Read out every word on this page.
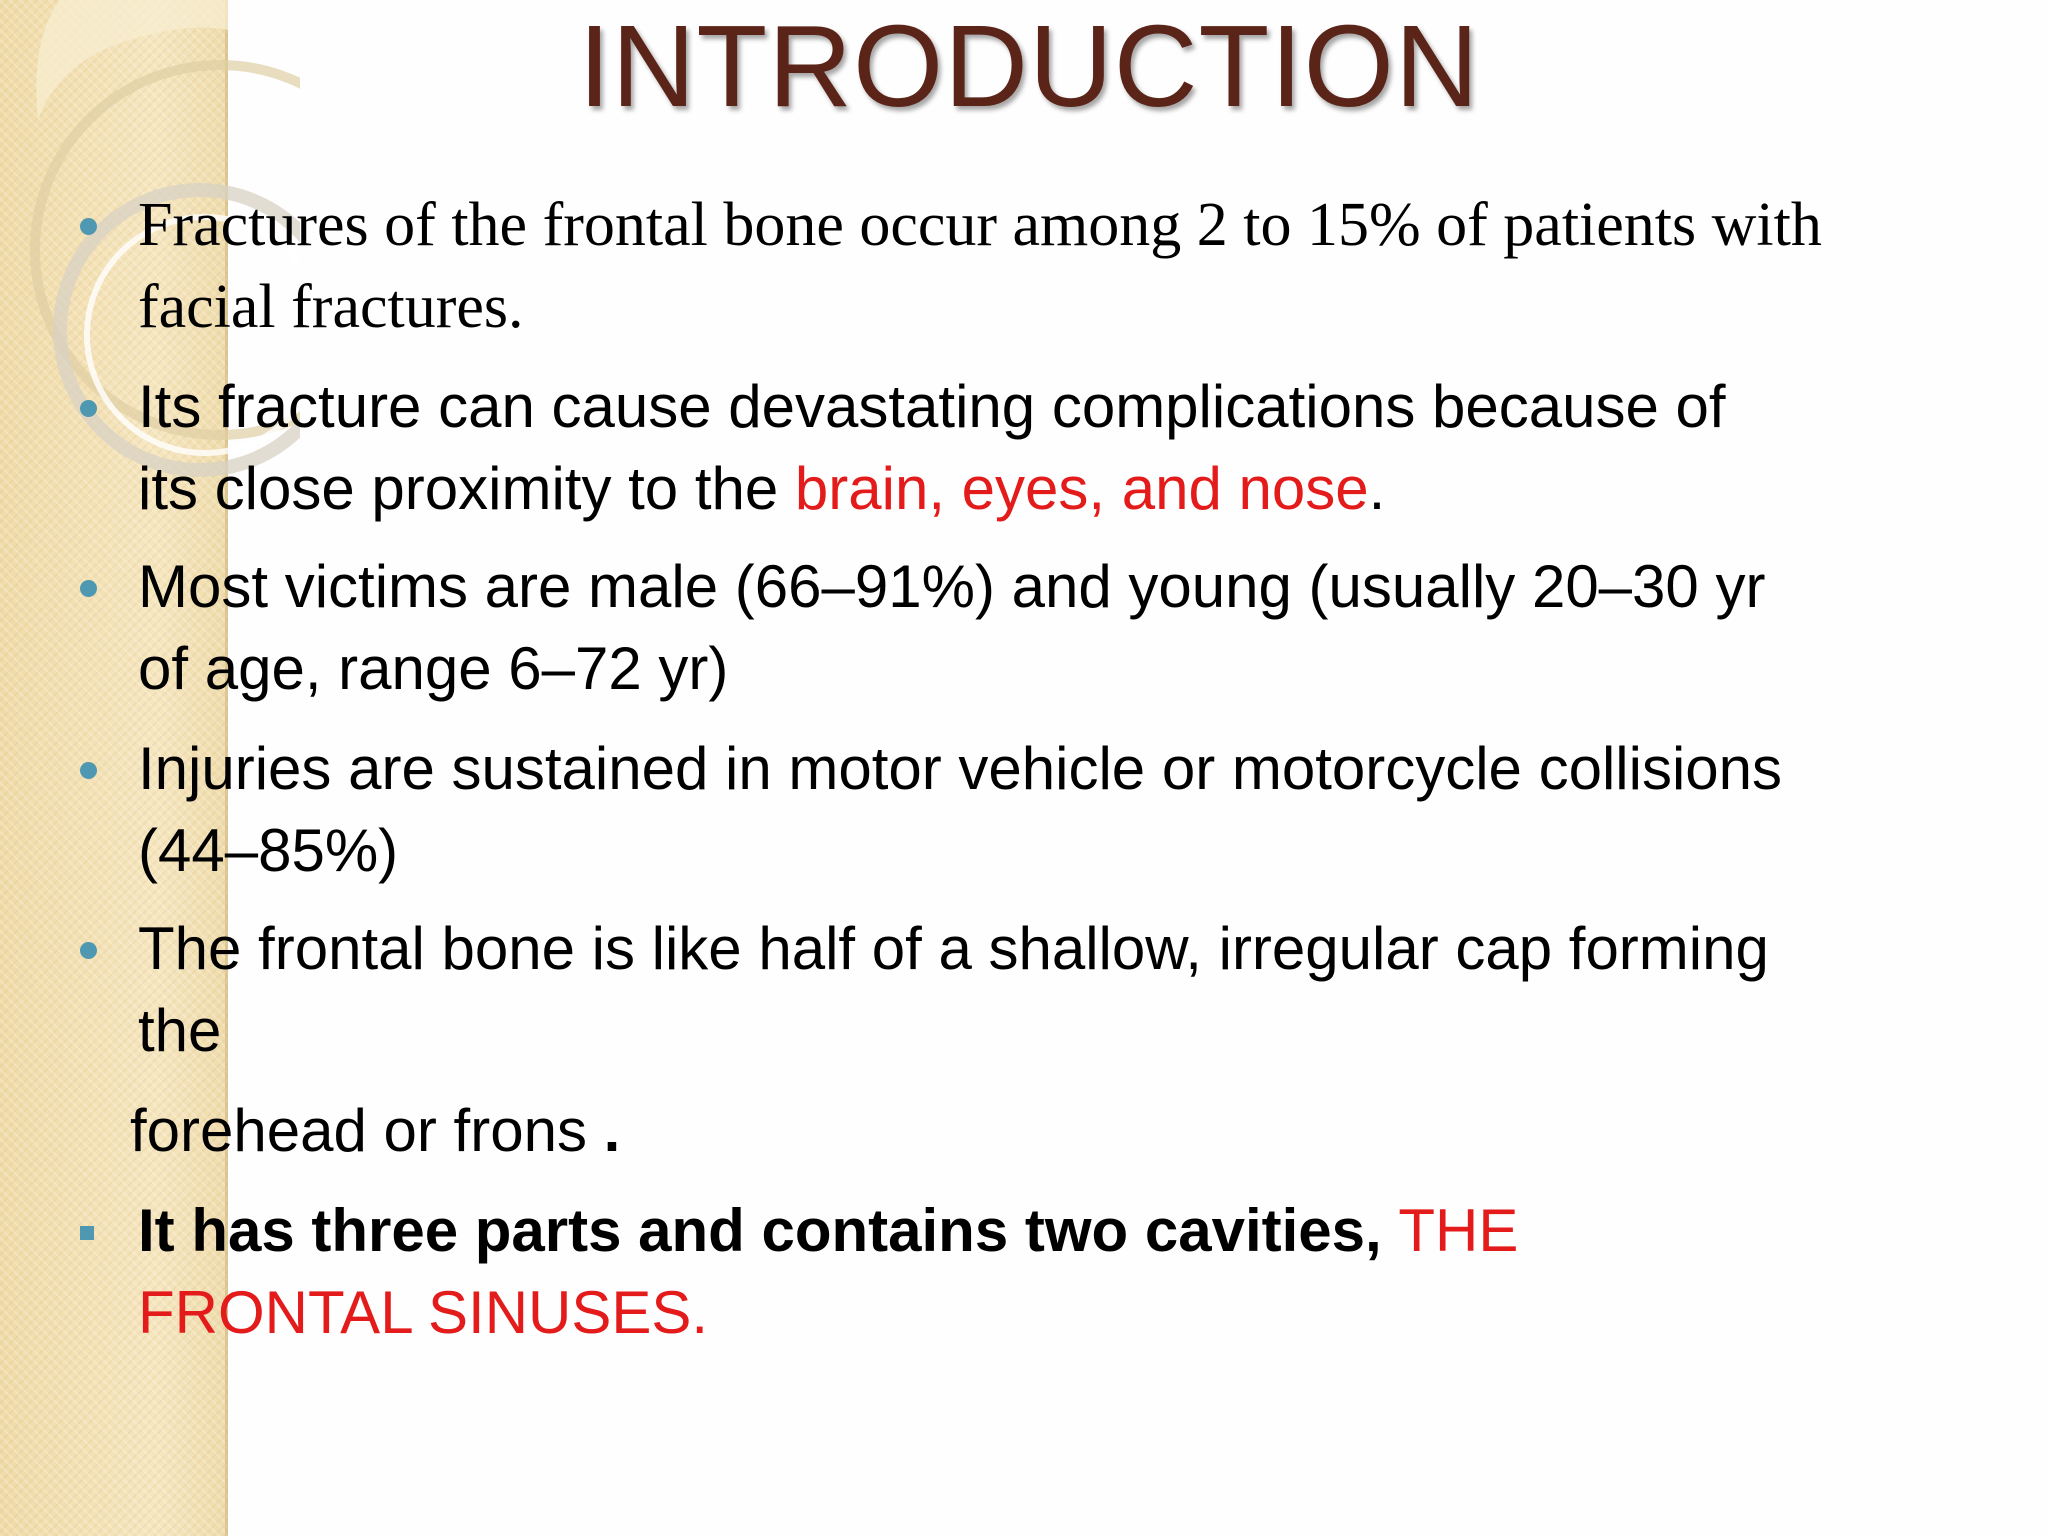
INTRODUCTION
Fractures of the frontal bone occur among 2 to 15% of patients with
facial fractures.
Its fracture can cause devastating complications because of
its close proximity to the brain, eyes, and nose.
Most victims are male (66–91%) and young (usually 20–30 yr
of age, range 6–72 yr)
Injuries are sustained in motor vehicle or motorcycle collisions
(44–85%)
The frontal bone is like half of a shallow, irregular cap forming
the
forehead or frons .
It has three parts and contains two cavities, THE
FRONTAL SINUSES.
